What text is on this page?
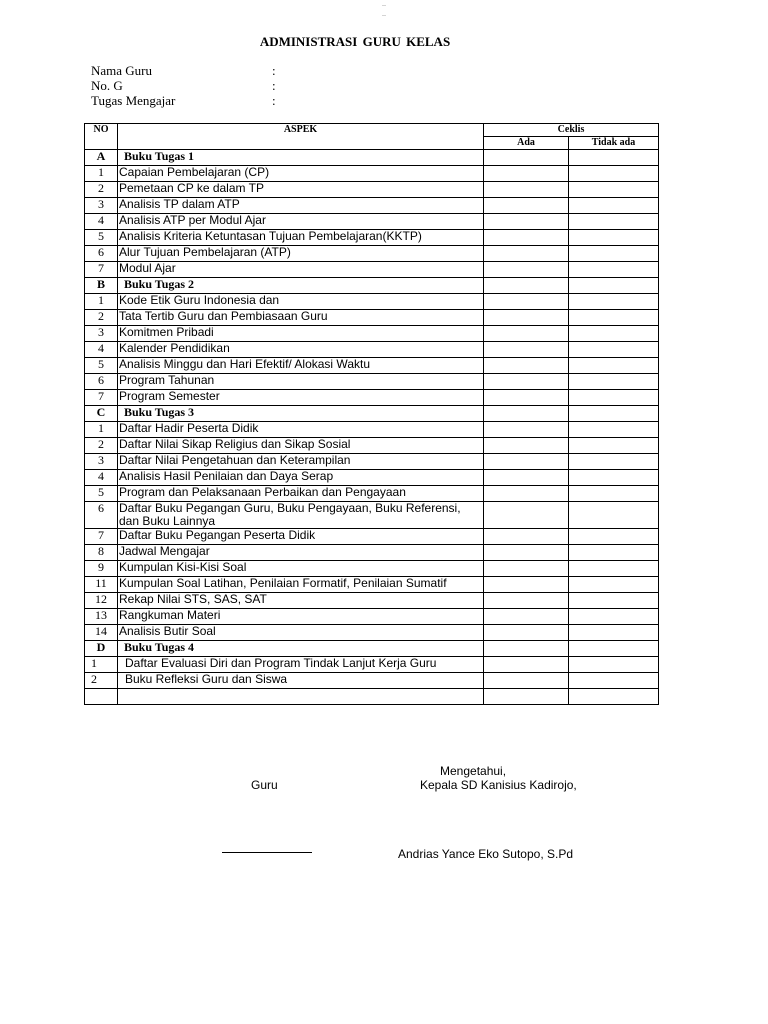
—
—
ADMINISTRASI GURU KELAS
Nama Guru	:
No. G	:
Tugas Mengajar	:
NO	ASPEK	Ceklis	
		Ada	Tidak ada
A	Buku Tugas 1		
1	Capaian Pembelajaran (CP)		
2	Pemetaan CP ke dalam TP		
3	Analisis TP dalam ATP		
4	Analisis ATP per Modul Ajar		
5	Analisis Kriteria Ketuntasan Tujuan Pembelajaran(KKTP)		
6	Alur Tujuan Pembelajaran (ATP)		
7	Modul Ajar		
B	Buku Tugas 2		
1	Kode Etik Guru Indonesia dan		
2	Tata Tertib Guru dan Pembiasaan Guru		
3	Komitmen Pribadi		
4	Kalender Pendidikan		
5	Analisis Minggu dan Hari Efektif/ Alokasi Waktu		
6	Program Tahunan		
7	Program Semester		
C	Buku Tugas 3		
1	Daftar Hadir Peserta Didik		
2	Daftar Nilai Sikap Religius dan Sikap Sosial		
3	Daftar Nilai Pengetahuan dan Keterampilan		
4	Analisis Hasil Penilaian dan Daya Serap		
5	Program dan Pelaksanaan Perbaikan dan Pengayaan		
6	Daftar Buku Pegangan Guru, Buku Pengayaan, Buku Referensi, dan Buku Lainnya		
7	Daftar Buku Pegangan Peserta Didik		
8	Jadwal Mengajar		
9	Kumpulan Kisi-Kisi Soal		
11	Kumpulan Soal Latihan, Penilaian Formatif, Penilaian Sumatif		
12	Rekap Nilai STS, SAS, SAT		
13	Rangkuman Materi		
14	Analisis Butir Soal		
D	Buku Tugas 4		
1	Daftar Evaluasi Diri dan Program Tindak Lanjut Kerja Guru		
2	Buku Refleksi Guru dan Siswa		

Mengetahui,
Guru	Kepala SD Kanisius Kadirojo,
Andrias Yance Eko Sutopo, S.Pd
